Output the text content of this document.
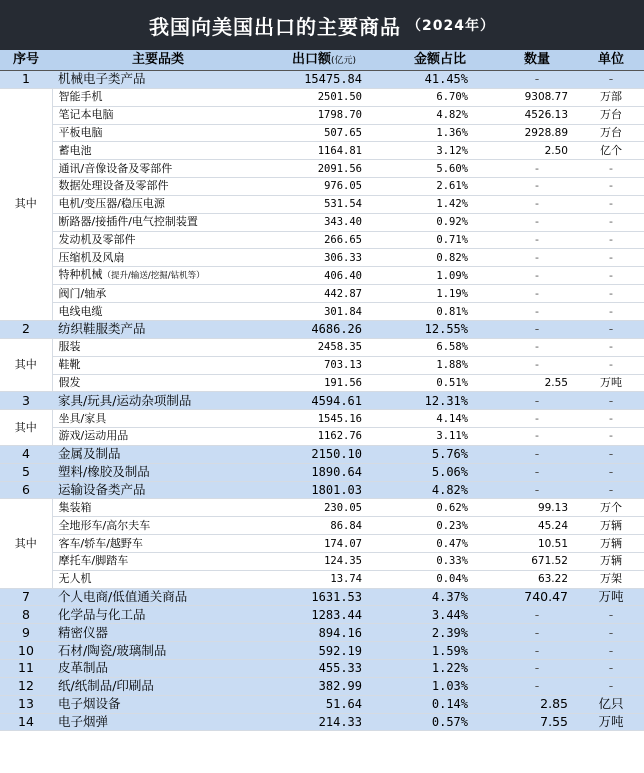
我国向美国出口的主要商品 （2024年）
序号	主要品类	出口额(亿元)	金额占比	数量	单位
1	机械电子类产品	15475.84	41.45%	-	-
其中	智能手机	2501.50	6.70%	9308.77	万部
	笔记本电脑	1798.70	4.82%	4526.13	万台
	平板电脑	507.65	1.36%	2928.89	万台
	蓄电池	1164.81	3.12%	2.50	亿个
	通讯/音像设备及零部件	2091.56	5.60%	-	-
	数据处理设备及零部件	976.05	2.61%	-	-
	电机/变压器/稳压电源	531.54	1.42%	-	-
	断路器/接插件/电气控制装置	343.40	0.92%	-	-
	发动机及零部件	266.65	0.71%	-	-
	压缩机及风扇	306.33	0.82%	-	-
	特种机械（提升/输送/挖掘/钻机等）	406.40	1.09%	-	-
	阀门/轴承	442.87	1.19%	-	-
	电线电缆	301.84	0.81%	-	-
2	纺织鞋服类产品	4686.26	12.55%	-	-
其中	服装	2458.35	6.58%	-	-
	鞋靴	703.13	1.88%	-	-
	假发	191.56	0.51%	2.55	万吨
3	家具/玩具/运动杂项制品	4594.61	12.31%	-	-
其中	坐具/家具	1545.16	4.14%	-	-
	游戏/运动用品	1162.76	3.11%	-	-
4	金属及制品	2150.10	5.76%	-	-
5	塑料/橡胶及制品	1890.64	5.06%	-	-
6	运输设备类产品	1801.03	4.82%	-	-
其中	集装箱	230.05	0.62%	99.13	万个
	全地形车/高尔夫车	86.84	0.23%	45.24	万辆
	客车/轿车/越野车	174.07	0.47%	10.51	万辆
	摩托车/脚踏车	124.35	0.33%	671.52	万辆
	无人机	13.74	0.04%	63.22	万架
7	个人电商/低值通关商品	1631.53	4.37%	740.47	万吨
8	化学品与化工品	1283.44	3.44%	-	-
9	精密仪器	894.16	2.39%	-	-
10	石材/陶瓷/玻璃制品	592.19	1.59%	-	-
11	皮革制品	455.33	1.22%	-	-
12	纸/纸制品/印刷品	382.99	1.03%	-	-
13	电子烟设备	51.64	0.14%	2.85	亿只
14	电子烟弹	214.33	0.57%	7.55	万吨
